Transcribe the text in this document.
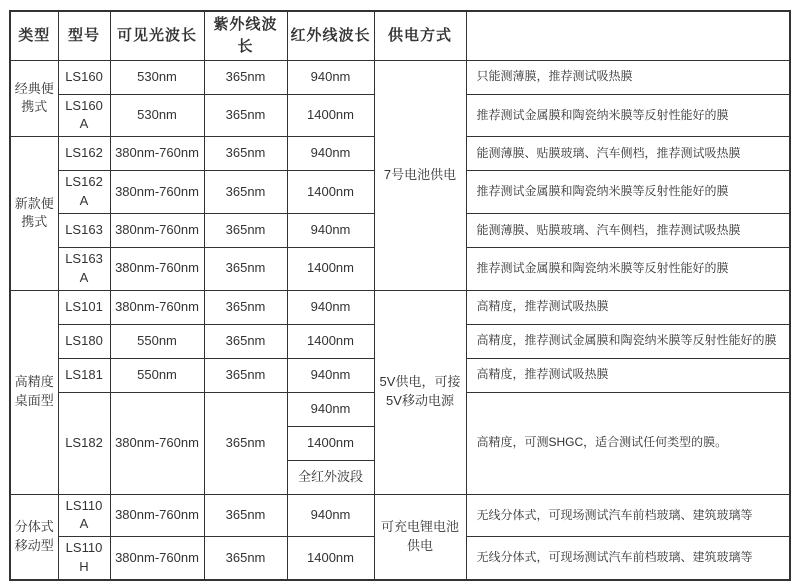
类型	型号	可见光波长	紫外线波长	红外线波长	供电方式	
经典便携式	LS160	530nm	365nm	940nm	7号电池供电	只能测薄膜，推荐测试吸热膜
	LS160A	530nm	365nm	1400nm		推荐测试金属膜和陶瓷纳米膜等反射性能好的膜
新款便携式	LS162	380nm-760nm	365nm	940nm		能测薄膜、贴膜玻璃、汽车侧档，推荐测试吸热膜
	LS162A	380nm-760nm	365nm	1400nm		推荐测试金属膜和陶瓷纳米膜等反射性能好的膜
	LS163	380nm-760nm	365nm	940nm		能测薄膜、贴膜玻璃、汽车侧档，推荐测试吸热膜
	LS163A	380nm-760nm	365nm	1400nm		推荐测试金属膜和陶瓷纳米膜等反射性能好的膜
高精度桌面型	LS101	380nm-760nm	365nm	940nm	5V供电，可接5V移动电源	高精度，推荐测试吸热膜
	LS180	550nm	365nm	1400nm		高精度，推荐测试金属膜和陶瓷纳米膜等反射性能好的膜
	LS181	550nm	365nm	940nm		高精度，推荐测试吸热膜
	LS182	380nm-760nm	365nm	940nm		高精度，可测SHGC，适合测试任何类型的膜。
				1400nm		
				全红外波段		
分体式移动型	LS110A	380nm-760nm	365nm	940nm	可充电锂电池供电	无线分体式，可现场测试汽车前档玻璃、建筑玻璃等
	LS110H	380nm-760nm	365nm	1400nm		无线分体式，可现场测试汽车前档玻璃、建筑玻璃等
